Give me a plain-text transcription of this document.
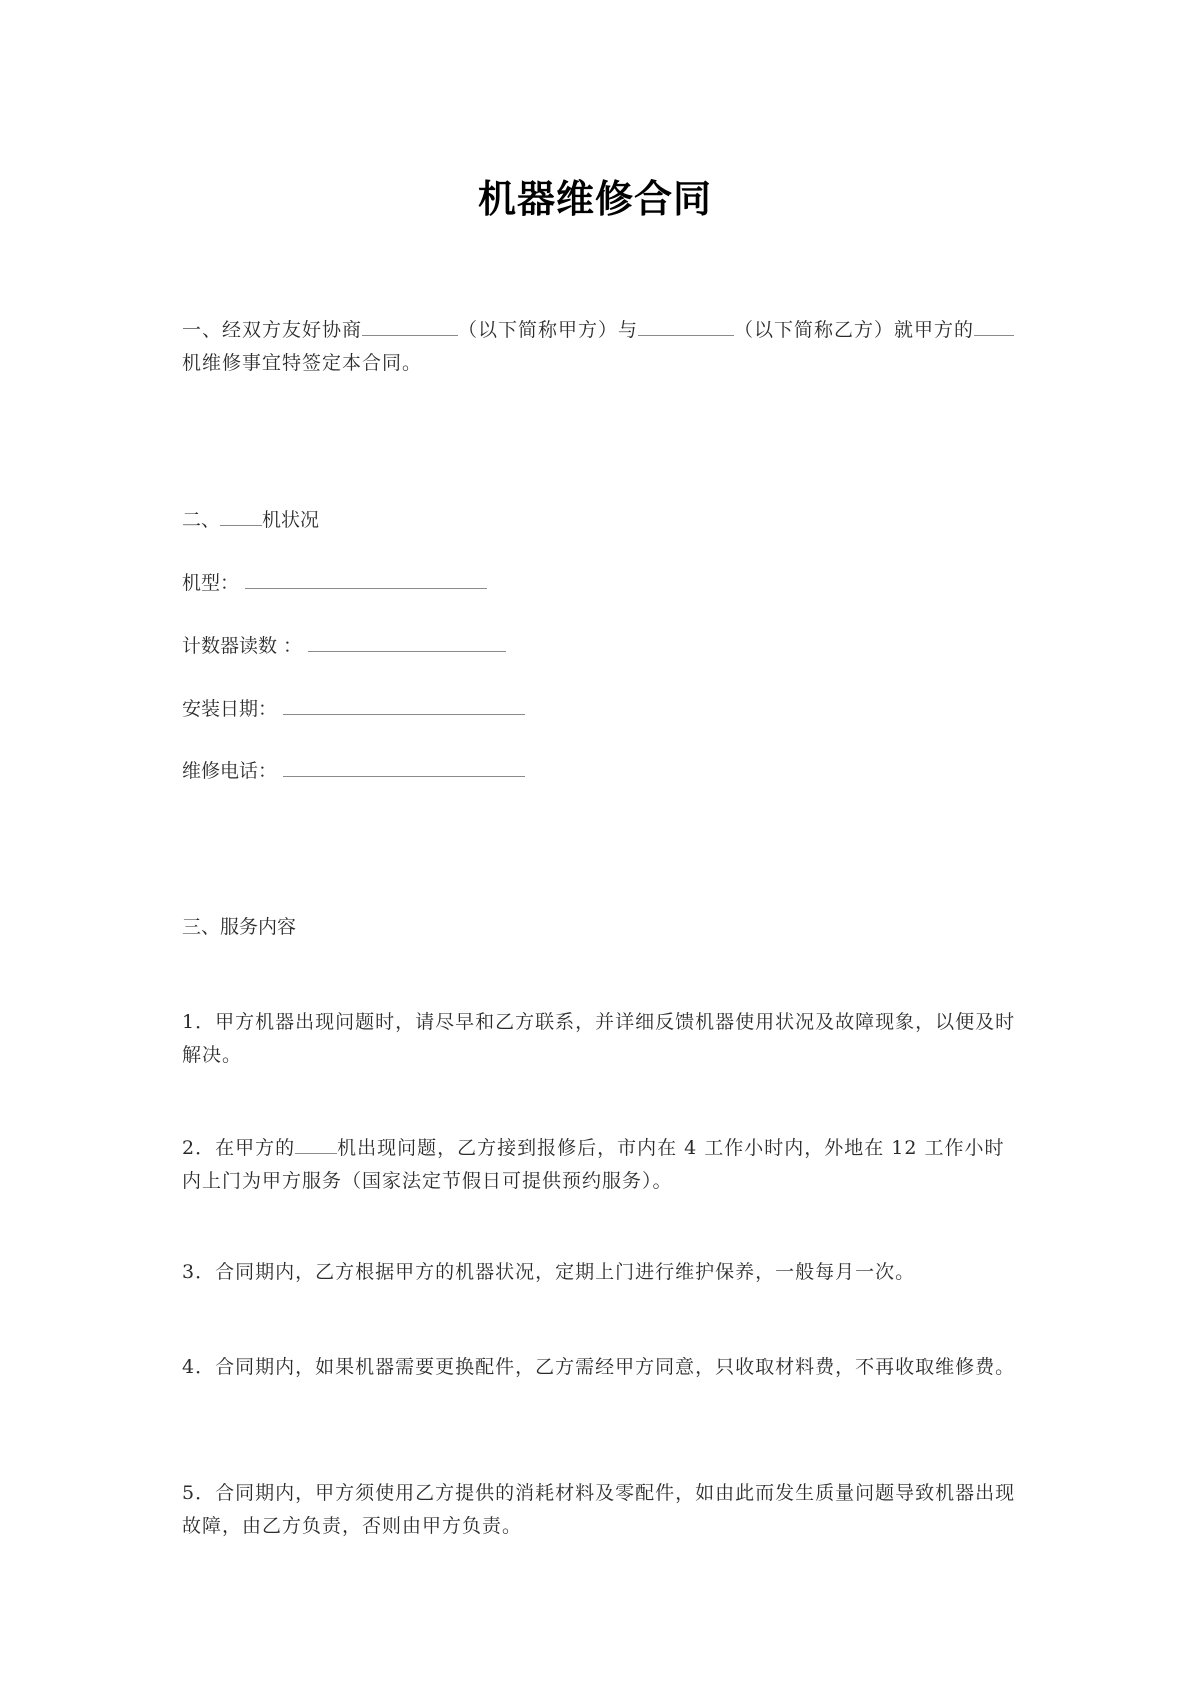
机器维修合同
一、经双方友好协商	（以下简称甲方）与	（以下简称乙方）就甲方的机维修事宜特签定本合同。
二、 机状况
机型：
计数器读数 ：
安装日期：
维修电话：
三、服务内容
1．甲方机器出现问题时，请尽早和乙方联系，并详细反馈机器使用状况及故障现象，以便及时解决。
2．在甲方的 机出现问题，乙方接到报修后，市内在 4 工作小时内，外地在 12 工作小时内上门为甲方服务（国家法定节假日可提供预约服务）。
3．合同期内，乙方根据甲方的机器状况，定期上门进行维护保养，一般每月一次。
4．合同期内，如果机器需要更换配件，乙方需经甲方同意，只收取材料费，不再收取维修费。
5．合同期内，甲方须使用乙方提供的消耗材料及零配件，如由此而发生质量问题导致机器出现故障，由乙方负责，否则由甲方负责。
